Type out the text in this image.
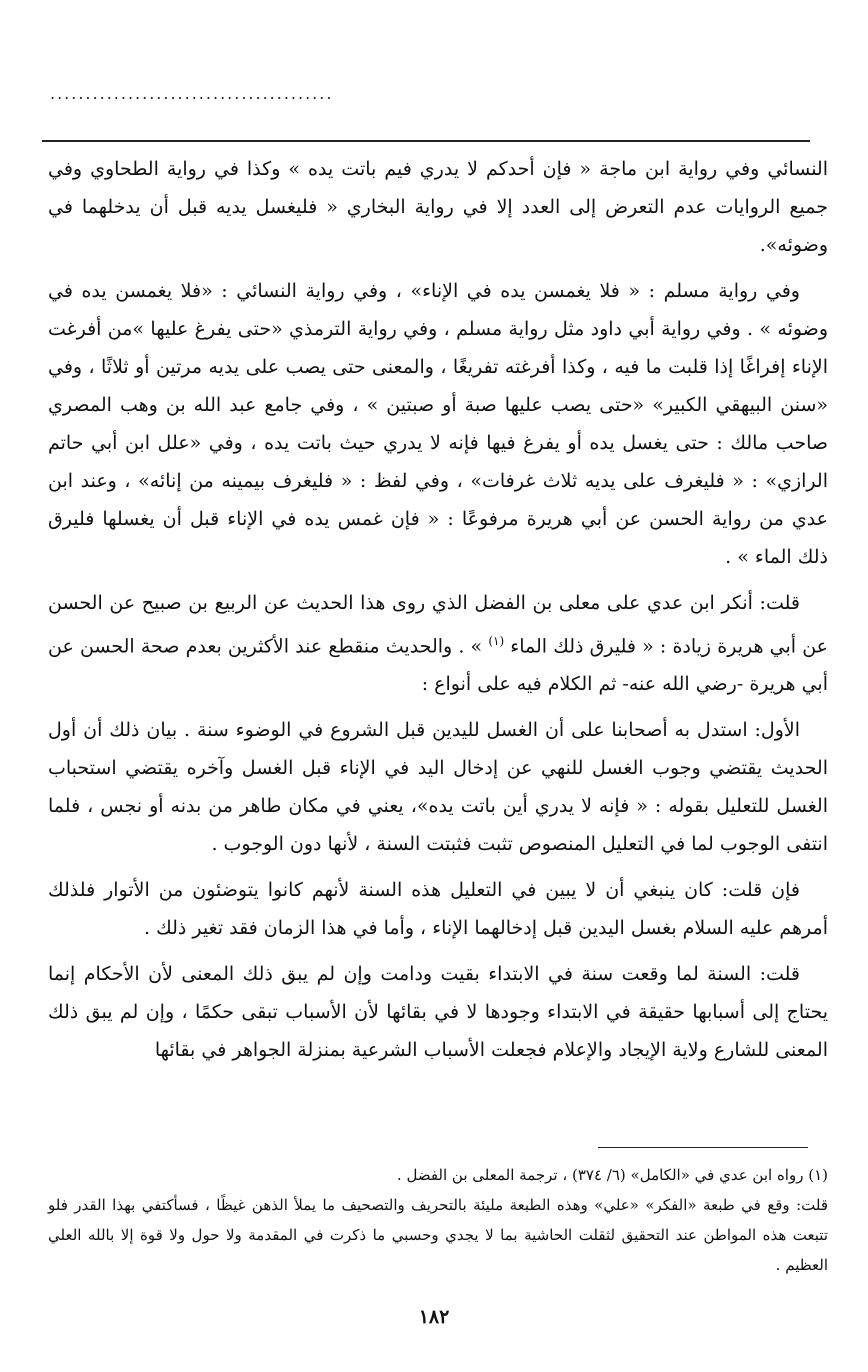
........................................

النسائي وفي رواية ابن ماجة « فإن أحدكم لا يدري فيم باتت يده » وكذا في رواية الطحاوي وفي جميع الروايات عدم التعرض إلى العدد إلا في رواية البخاري « فليغسل يديه قبل أن يدخلهما في وضوئه».

وفي رواية مسلم : « فلا يغمسن يده في الإناء» ، وفي رواية النسائي : «فلا يغمسن يده في وضوئه » . وفي رواية أبي داود مثل رواية مسلم ، وفي رواية الترمذي «حتى يفرغ عليها »من أفرغت الإناء إفراغًا إذا قلبت ما فيه ، وكذا أفرغته تفريغًا ، والمعنى حتى يصب على يديه مرتين أو ثلاثًا ، وفي «سنن البيهقي الكبير» «حتى يصب عليها صبة أو صبتين » ، وفي جامع عبد الله بن وهب المصري صاحب مالك : حتى يغسل يده أو يفرغ فيها فإنه لا يدري حيث باتت يده ، وفي «علل ابن أبي حاتم الرازي» : « فليغرف على يديه ثلاث غرفات» ، وفي لفظ : « فليغرف بيمينه من إنائه» ، وعند ابن عدي من رواية الحسن عن أبي هريرة مرفوعًا : « فإن غمس يده في الإناء قبل أن يغسلها فليرق ذلك الماء » .

قلت: أنكر ابن عدي على معلى بن الفضل الذي روى هذا الحديث عن الربيع بن صبيح عن الحسن عن أبي هريرة زيادة : « فليرق ذلك الماء $^{(١)}$ » . والحديث منقطع عند الأكثرين بعدم صحة الحسن عن أبي هريرة -رضي الله عنه- ثم الكلام فيه على أنواع :

الأول: استدل به أصحابنا على أن الغسل لليدين قبل الشروع في الوضوء سنة . بيان ذلك أن أول الحديث يقتضي وجوب الغسل للنهي عن إدخال اليد في الإناء قبل الغسل وآخره يقتضي استحباب الغسل للتعليل بقوله : « فإنه لا يدري أين باتت يده»، يعني في مكان طاهر من بدنه أو نجس ، فلما انتفى الوجوب لما في التعليل المنصوص تثبت فثبتت السنة ، لأنها دون الوجوب .

فإن قلت: كان ينبغي أن لا يبين في التعليل هذه السنة لأنهم كانوا يتوضئون من الأتوار فلذلك أمرهم عليه السلام بغسل اليدين قبل إدخالهما الإناء ، وأما في هذا الزمان فقد تغير ذلك .

قلت: السنة لما وقعت سنة في الابتداء بقيت ودامت وإن لم يبق ذلك المعنى لأن الأحكام إنما يحتاج إلى أسبابها حقيقة في الابتداء وجودها لا في بقائها لأن الأسباب تبقى حكمًا ، وإن لم يبق ذلك المعنى للشارع ولاية الإيجاد والإعلام فجعلت الأسباب الشرعية بمنزلة الجواهر في بقائها

(١) رواه ابن عدي في «الكامل» (٦/ ٣٧٤) ، ترجمة المعلى بن الفضل .

قلت: وقع في طبعة «الفكر» «علي» وهذه الطبعة مليئة بالتحريف والتصحيف ما يملأ الذهن غيظًا ، فسأكتفي بهذا القدر فلو تتبعت هذه المواطن عند التحقيق لثقلت الحاشية بما لا يجدي وحسبي ما ذكرت في المقدمة ولا حول ولا قوة إلا بالله العلي العظيم .

١٨٢
